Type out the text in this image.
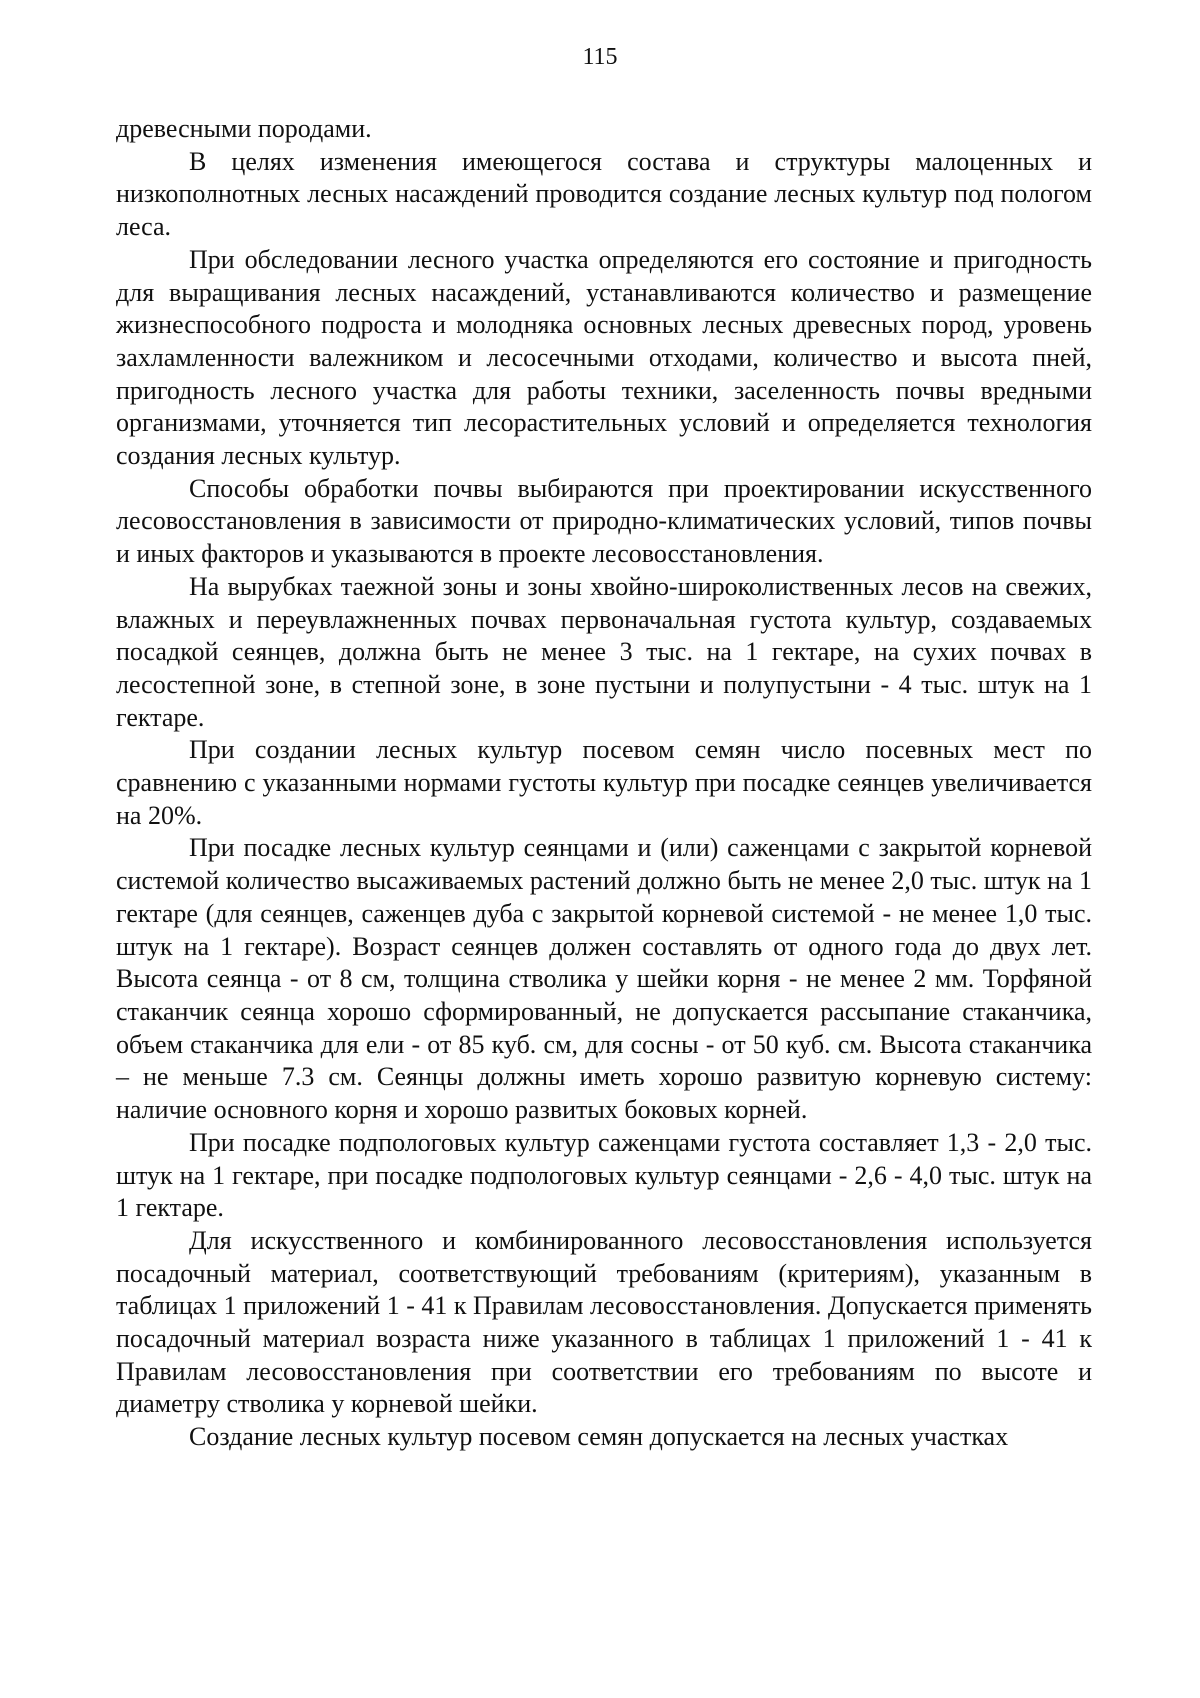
115

древесными породами.

В целях изменения имеющегося состава и структуры малоценных и низкополнотных лесных насаждений проводится создание лесных культур под пологом леса.

При обследовании лесного участка определяются его состояние и пригодность для выращивания лесных насаждений, устанавливаются количество и размещение жизнеспособного подроста и молодняка основных лесных древесных пород, уровень захламленности валежником и лесосечными отходами, количество и высота пней, пригодность лесного участка для работы техники, заселенность почвы вредными организмами, уточняется тип лесорастительных условий и определяется технология создания лесных культур.

Способы обработки почвы выбираются при проектировании искусственного лесовосстановления в зависимости от природно-климатических условий, типов почвы и иных факторов и указываются в проекте лесовосстановления.

На вырубках таежной зоны и зоны хвойно-широколиственных лесов на свежих, влажных и переувлажненных почвах первоначальная густота культур, создаваемых посадкой сеянцев, должна быть не менее 3 тыс. на 1 гектаре, на сухих почвах в лесостепной зоне, в степной зоне, в зоне пустыни и полупустыни - 4 тыс. штук на 1 гектаре.

При создании лесных культур посевом семян число посевных мест по сравнению с указанными нормами густоты культур при посадке сеянцев увеличивается на 20%.

При посадке лесных культур сеянцами и (или) саженцами с закрытой корневой системой количество высаживаемых растений должно быть не менее 2,0 тыс. штук на 1 гектаре (для сеянцев, саженцев дуба с закрытой корневой системой - не менее 1,0 тыс. штук на 1 гектаре). Возраст сеянцев должен составлять от одного года до двух лет. Высота сеянца - от 8 см, толщина стволика у шейки корня - не менее 2 мм. Торфяной стаканчик сеянца хорошо сформированный, не допускается рассыпание стаканчика, объем стаканчика для ели - от 85 куб. см, для сосны - от 50 куб. см. Высота стаканчика – не меньше 7.3 см. Сеянцы должны иметь хорошо развитую корневую систему: наличие основного корня и хорошо развитых боковых корней.

При посадке подпологовых культур саженцами густота составляет 1,3 - 2,0 тыс. штук на 1 гектаре, при посадке подпологовых культур сеянцами - 2,6 - 4,0 тыс. штук на 1 гектаре.

Для искусственного и комбинированного лесовосстановления используется посадочный материал, соответствующий требованиям (критериям), указанным в таблицах 1 приложений 1 - 41 к Правилам лесовосстановления. Допускается применять посадочный материал возраста ниже указанного в таблицах 1 приложений 1 - 41 к Правилам лесовосстановления при соответствии его требованиям по высоте и диаметру стволика у корневой шейки.

Создание лесных культур посевом семян допускается на лесных участках
